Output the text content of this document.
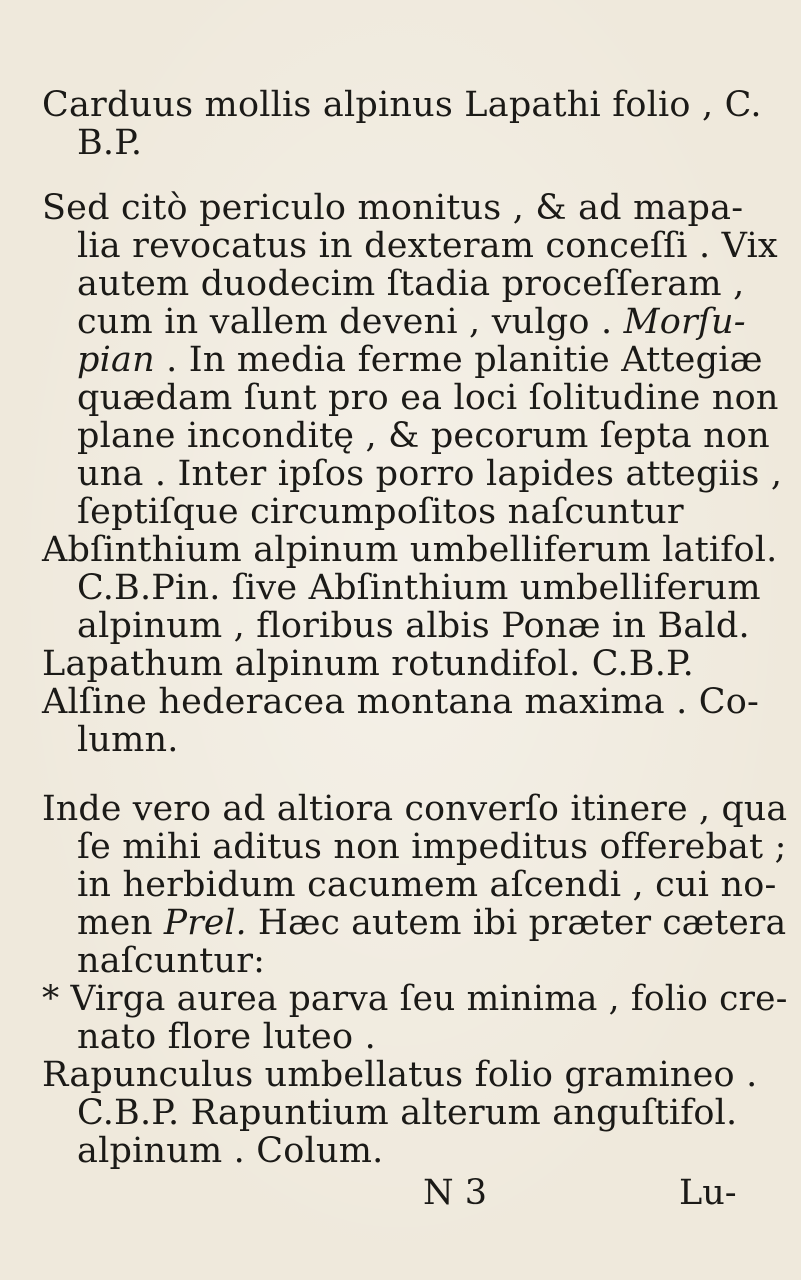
Carduus mollis alpinus Lapathi folio , C.
B.P.
Sed citò periculo monitus , & ad mapa-
lia revocatus in dexteram conceſſi . Vix
autem duodecim ſtadia proceſſeram ,
cum in vallem deveni , vulgo . Morſu-
pian . In media ferme planitie Attegiæ
quædam ſunt pro ea loci ſolitudine non
plane inconditę , & pecorum ſepta non
una . Inter ipſos porro lapides attegiis ,
ſeptiſque circumpoſitos naſcuntur
Abſinthium alpinum umbelliferum latifol.
C.B.Pin. ſive Abſinthium umbelliferum
alpinum , floribus albis Ponæ in Bald.
Lapathum alpinum rotundifol. C.B.P.
Alſine hederacea montana maxima . Co-
lumn.
Inde vero ad altiora converſo itinere , qua
ſe mihi aditus non impeditus offerebat ;
in herbidum cacumem aſcendi , cui no-
men Prel. Hæc autem ibi præter cætera
naſcuntur:
* Virga aurea parva ſeu minima , folio cre-
nato flore luteo .
Rapunculus umbellatus folio gramineo .
C.B.P. Rapuntium alterum anguſtifol.
alpinum . Colum.
N 3	Lu-
